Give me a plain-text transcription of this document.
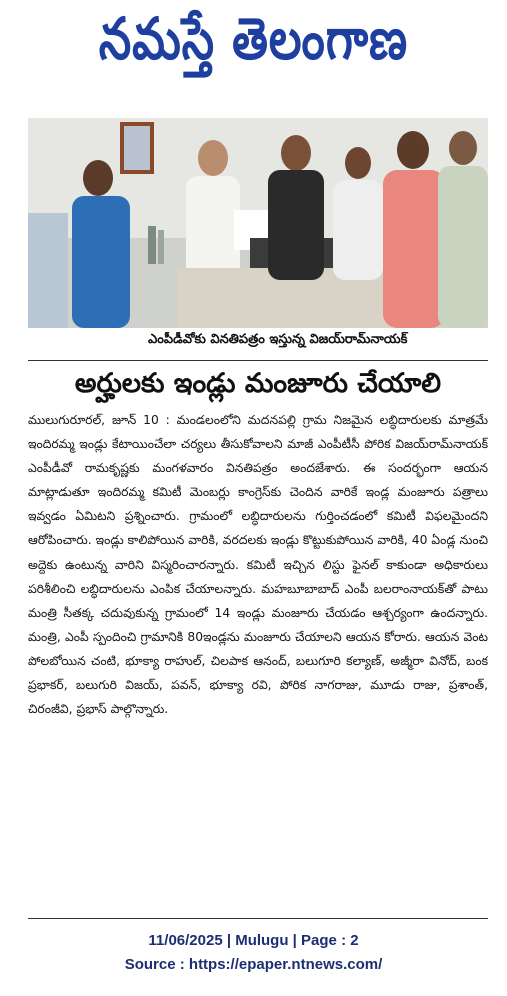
నమస్తే తెలంగాణ
ఎంపీడీవోకు వినతిపత్రం ఇస్తున్న విజయ్‌రామ్‌నాయక్
అర్హులకు ఇండ్లు మంజూరు చేయాలి

ములుగురూరల్‌, జూన్‌ 10 : మండలంలోని మదనపల్లి గ్రామ నిజమైన లబ్ధిదారులకు మాత్రమే ఇందిరమ్మ ఇండ్లు కేటాయించేలా చర్యలు తీసుకోవాలని మాజీ ఎంపీటీసీ పోరిక విజయ్‌రామ్‌నాయక్‌ ఎంపీడీవో రామకృష్ణకు మంగళవారం వినతిపత్రం అందజేశారు. ఈ సందర్భంగా ఆయన మాట్లాడుతూ ఇందిరమ్మ కమిటీ మెంబర్లు కాంగ్రెస్‌కు చెందిన వారికే ఇండ్ల మంజూరు పత్రాలు ఇవ్వడం ఏమిటని ప్రశ్నించారు. గ్రామంలో లబ్ధిదారులను గుర్తించడంలో కమిటీ విఫలమైందని ఆరోపించారు. ఇండ్లు కాలిపోయిన వారికి, వరదలకు ఇండ్లు కొట్టుకుపోయిన వారికి, 40 ఏండ్ల నుంచి అద్దెకు ఉంటున్న వారిని విస్మరించారన్నారు. కమిటీ ఇచ్చిన లిస్టు ఫైనల్‌ కాకుండా అధికారులు పరిశీలించి లబ్ధిదారులను ఎంపిక చేయాలన్నారు. మహబూబాబాద్‌ ఎంపీ బలరాంనాయక్‌తో పాటు మంత్రి సీతక్క చదువుకున్న గ్రామంలో 14 ఇండ్లు మంజూరు చేయడం ఆశ్చర్యంగా ఉందన్నారు. మంత్రి, ఎంపీ స్పందించి గ్రామానికి 80ఇండ్లను మంజూరు చేయాలని ఆయన కోరారు. ఆయన వెంట పోలబోయిన చంటి, భూక్యా రాహుల్‌, చిలపాక ఆనంద్‌, బలుగూరి కల్యాణ్‌, అజ్మీరా వినోద్‌, బంక ప్రభాకర్‌, బలుగురి విజయ్‌, పవన్‌, భూక్యా రవి, పోరిక నాగరాజు, మూడు రాజు, ప్రశాంత్‌, చిరంజీవి, ప్రభాస్‌ పాల్గొన్నారు.

11/06/2025 | Mulugu | Page : 2
Source : https://epaper.ntnews.com/
